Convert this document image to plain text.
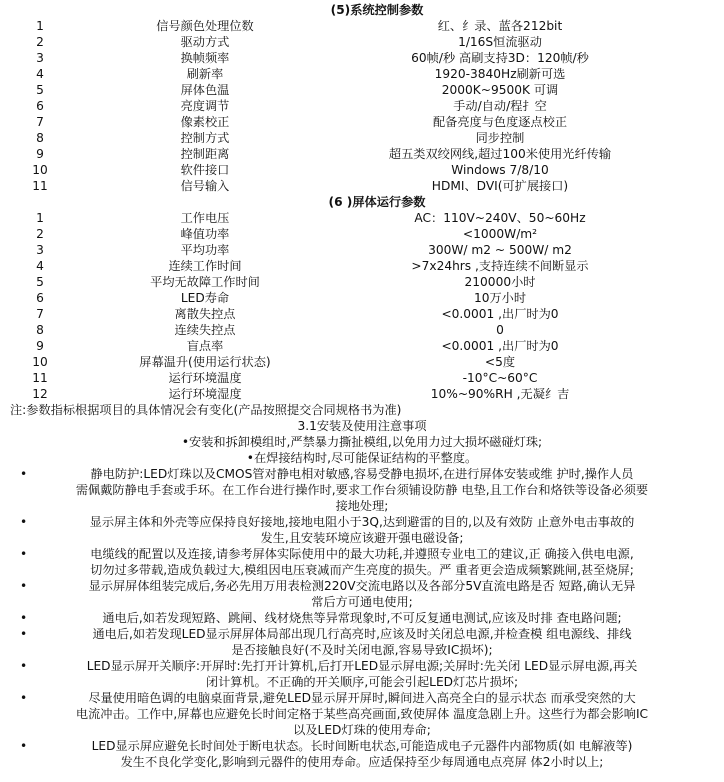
(5)系统控制参数
1	信号颜色处理位数	红、纟录、蓝各212bit
2	驱动方式	1/16S恒流驱动
3	换帧频率	60帧/秒 高刷支持3D：120帧/秒
4	刷新率	1920-3840Hz刷新可选
5	屏体色温	2000K~9500K 可调
6	亮度调节	手动/自动/程扌空
7	像素校正	配备亮度与色度逐点校正
8	控制方式	同步控制
9	控制距离	超五类双绞网线,超过100米使用光纤传输
10	软件接口	Windows 7/8/10
11	信号输入	HDMI、DVI(可扩展接口)
(6 )屏体运行参数
1	工作电压	AC：110V~240V、50~60Hz
2	峰值功率	<1000W/m²
3	平均功率	300W/ m2 ~ 500W/ m2
4	连续工作时间	>7x24hrs ,支持连续不间断显示
5	平均无故障工作时间	210000小时
6	LED寿命	10万小时
7	离散失控点	<0.0001 ,出厂时为0
8	连续失控点	0
9	盲点率	<0.0001 ,出厂时为0
10	屏幕温升(使用运行状态)	<5度
11	运行环境温度	-10°C~60°C
12	运行环境湿度	10%~90%RH ,无凝纟吉
注:参数指标根据项目的具体情况会有变化(产品按照提交合同规格书为准)
3.1安装及使用注意事项
•安装和拆卸模组时,严禁暴力撕扯模组,以免用力过大损坏磁碰灯珠;
•在焊接结构时,尽可能保证结构的平整度。
•	静电防护:LED灯珠以及CMOS管对静电相对敏感,容易受静电损坏,在进行屏体安装或维 护时,操作人员
需佩戴防静电手套或手环。在工作台进行操作时,要求工作台须铺设防静 电垫,且工作台和烙铁等设备必须要
接地处理;
•	显示屏主体和外壳等应保持良好接地,接地电阻小于3Q,达到避雷的目的,以及有效防 止意外电击事故的
发生,且安装环境应该避开强电磁设备;
•	电缆线的配置以及连接,请参考屏体实际使用中的最大功耗,并遵照专业电工的建议,正 确接入供电电源,
切勿过多带载,造成负载过大,模组因电压衰减而产生亮度的损失。严 重者更会造成频繁跳闸,甚至烧屏;
•	显示屏屏体组装完成后,务必先用万用表检测220V交流电路以及各部分5V直流电路是否 短路,确认无异
常后方可通电使用;
•	通电后,如若发现短路、跳闸、线材烧焦等异常现象时,不可反复通电测试,应该及时排 查电路问题;
•	通电后,如若发现LED显示屏屏体局部出现几行高亮时,应该及时关闭总电源,并检查模 组电源线、排线
是否接触良好(不及时关闭电源,容易导致IC损坏);
•	LED显示屏开关顺序:开屏时:先打开计算机,后打开LED显示屏电源;关屏时:先关闭 LED显示屏电源,再关
闭计算机。不正确的开关顺序,可能会引起LED灯芯片损坏;
•	尽量使用暗色调的电脑桌面背景,避免LED显示屏开屏时,瞬间进入高亮全白的显示状态 而承受突然的大
电流冲击。工作中,屏幕也应避免长时间定格于某些高亮画面,致使屏体 温度急剧上升。这些行为都会影响IC
以及LED灯珠的使用寿命;
•	LED显示屏应避免长时间处于断电状态。长时间断电状态,可能造成电子元器件内部物质(如 电解液等)
发生不良化学变化,影响到元器件的使用寿命。应适保持至少每周通电点亮屏 体2小时以上;
